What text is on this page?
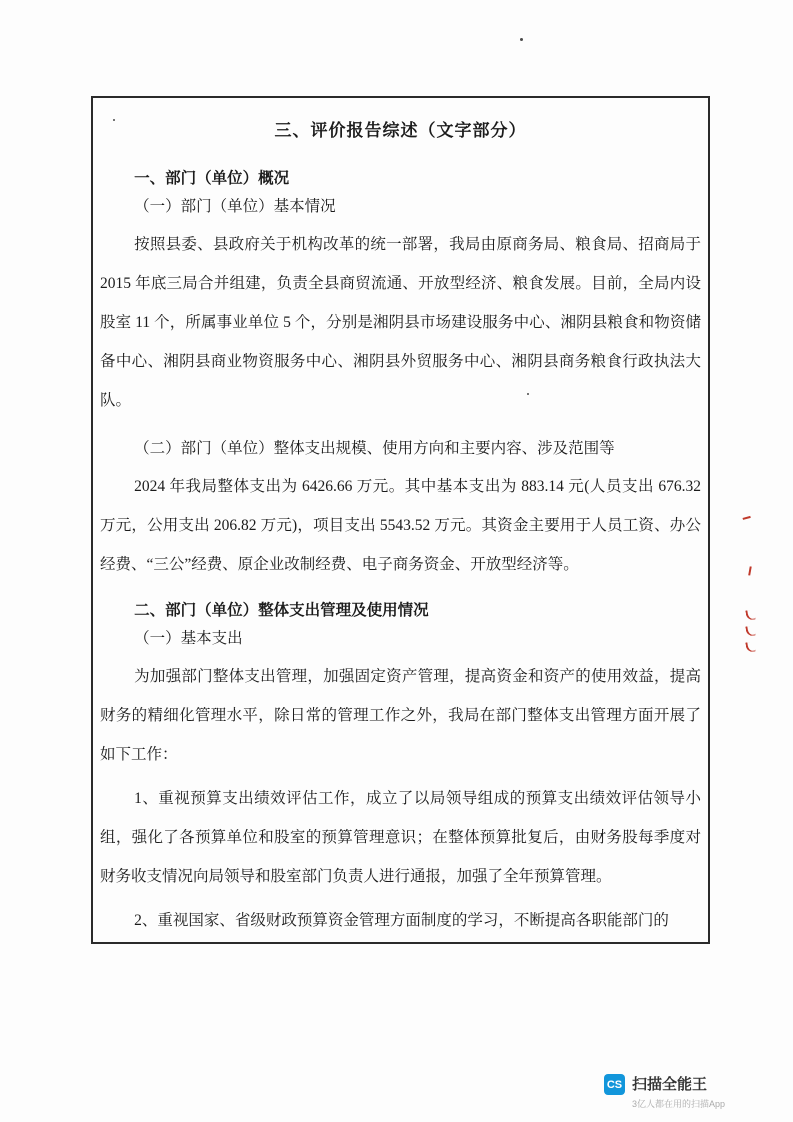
三、评价报告综述（文字部分）
一、部门（单位）概况
（一）部门（单位）基本情况

按照县委、县政府关于机构改革的统一部署，我局由原商务局、粮食局、招商局于 2015 年底三局合并组建，负责全县商贸流通、开放型经济、粮食发展。目前，全局内设股室 11 个，所属事业单位 5 个，分别是湘阴县市场建设服务中心、湘阴县粮食和物资储备中心、湘阴县商业物资服务中心、湘阴县外贸服务中心、湘阴县商务粮食行政执法大队。

（二）部门（单位）整体支出规模、使用方向和主要内容、涉及范围等

2024 年我局整体支出为 6426.66 万元。其中基本支出为 883.14 元(人员支出 676.32 万元，公用支出 206.82 万元)，项目支出 5543.52 万元。其资金主要用于人员工资、办公经费、“三公”经费、原企业改制经费、电子商务资金、开放型经济等。

二、部门（单位）整体支出管理及使用情况
（一）基本支出

为加强部门整体支出管理，加强固定资产管理，提高资金和资产的使用效益，提高财务的精细化管理水平，除日常的管理工作之外，我局在部门整体支出管理方面开展了如下工作：

1、重视预算支出绩效评估工作，成立了以局领导组成的预算支出绩效评估领导小组，强化了各预算单位和股室的预算管理意识；在整体预算批复后，由财务股每季度对财务收支情况向局领导和股室部门负责人进行通报，加强了全年预算管理。

2、重视国家、省级财政预算资金管理方面制度的学习，不断提高各职能部门的

CS 扫描全能王
3亿人都在用的扫描App
